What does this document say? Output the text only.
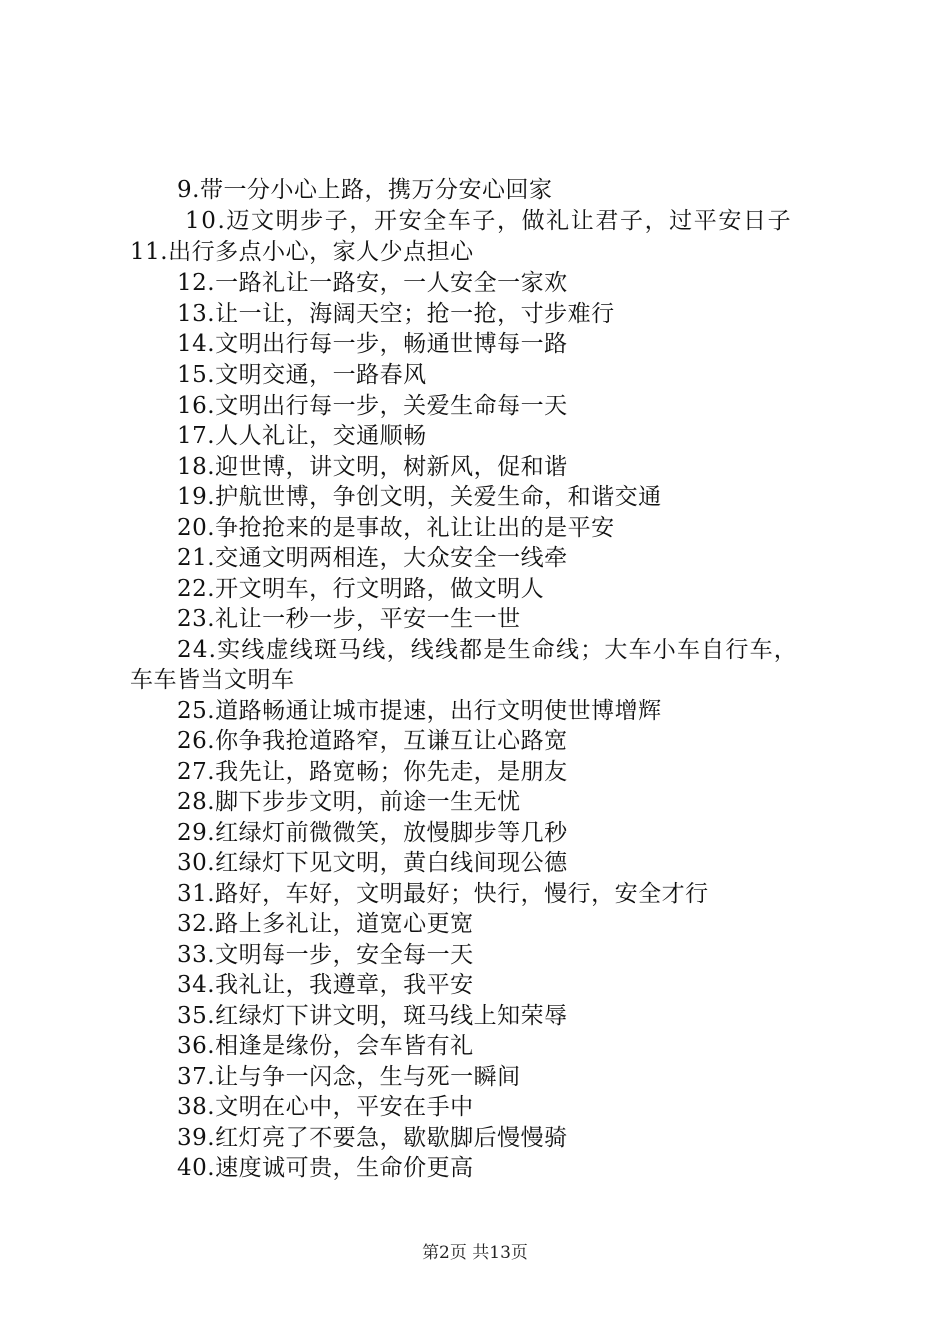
9.带一分小心上路，携万分安心回家
10.迈文明步子，开安全车子，做礼让君子，过平安日子
11.出行多点小心，家人少点担心
12.一路礼让一路安，一人安全一家欢
13.让一让，海阔天空；抢一抢，寸步难行
14.文明出行每一步，畅通世博每一路
15.文明交通，一路春风
16.文明出行每一步，关爱生命每一天
17.人人礼让，交通顺畅
18.迎世博，讲文明，树新风，促和谐
19.护航世博，争创文明，关爱生命，和谐交通
20.争抢抢来的是事故，礼让让出的是平安
21.交通文明两相连，大众安全一线牵
22.开文明车，行文明路，做文明人
23.礼让一秒一步，平安一生一世
24.实线虚线斑马线，线线都是生命线；大车小车自行车，
车车皆当文明车
25.道路畅通让城市提速，出行文明使世博增辉
26.你争我抢道路窄，互谦互让心路宽
27.我先让，路宽畅；你先走，是朋友
28.脚下步步文明，前途一生无忧
29.红绿灯前微微笑，放慢脚步等几秒
30.红绿灯下见文明，黄白线间现公德
31.路好，车好，文明最好；快行，慢行，安全才行
32.路上多礼让，道宽心更宽
33.文明每一步，安全每一天
34.我礼让，我遵章，我平安
35.红绿灯下讲文明，斑马线上知荣辱
36.相逢是缘份，会车皆有礼
37.让与争一闪念，生与死一瞬间
38.文明在心中，平安在手中
39.红灯亮了不要急，歇歇脚后慢慢骑
40.速度诚可贵，生命价更高
第2页 共13页
